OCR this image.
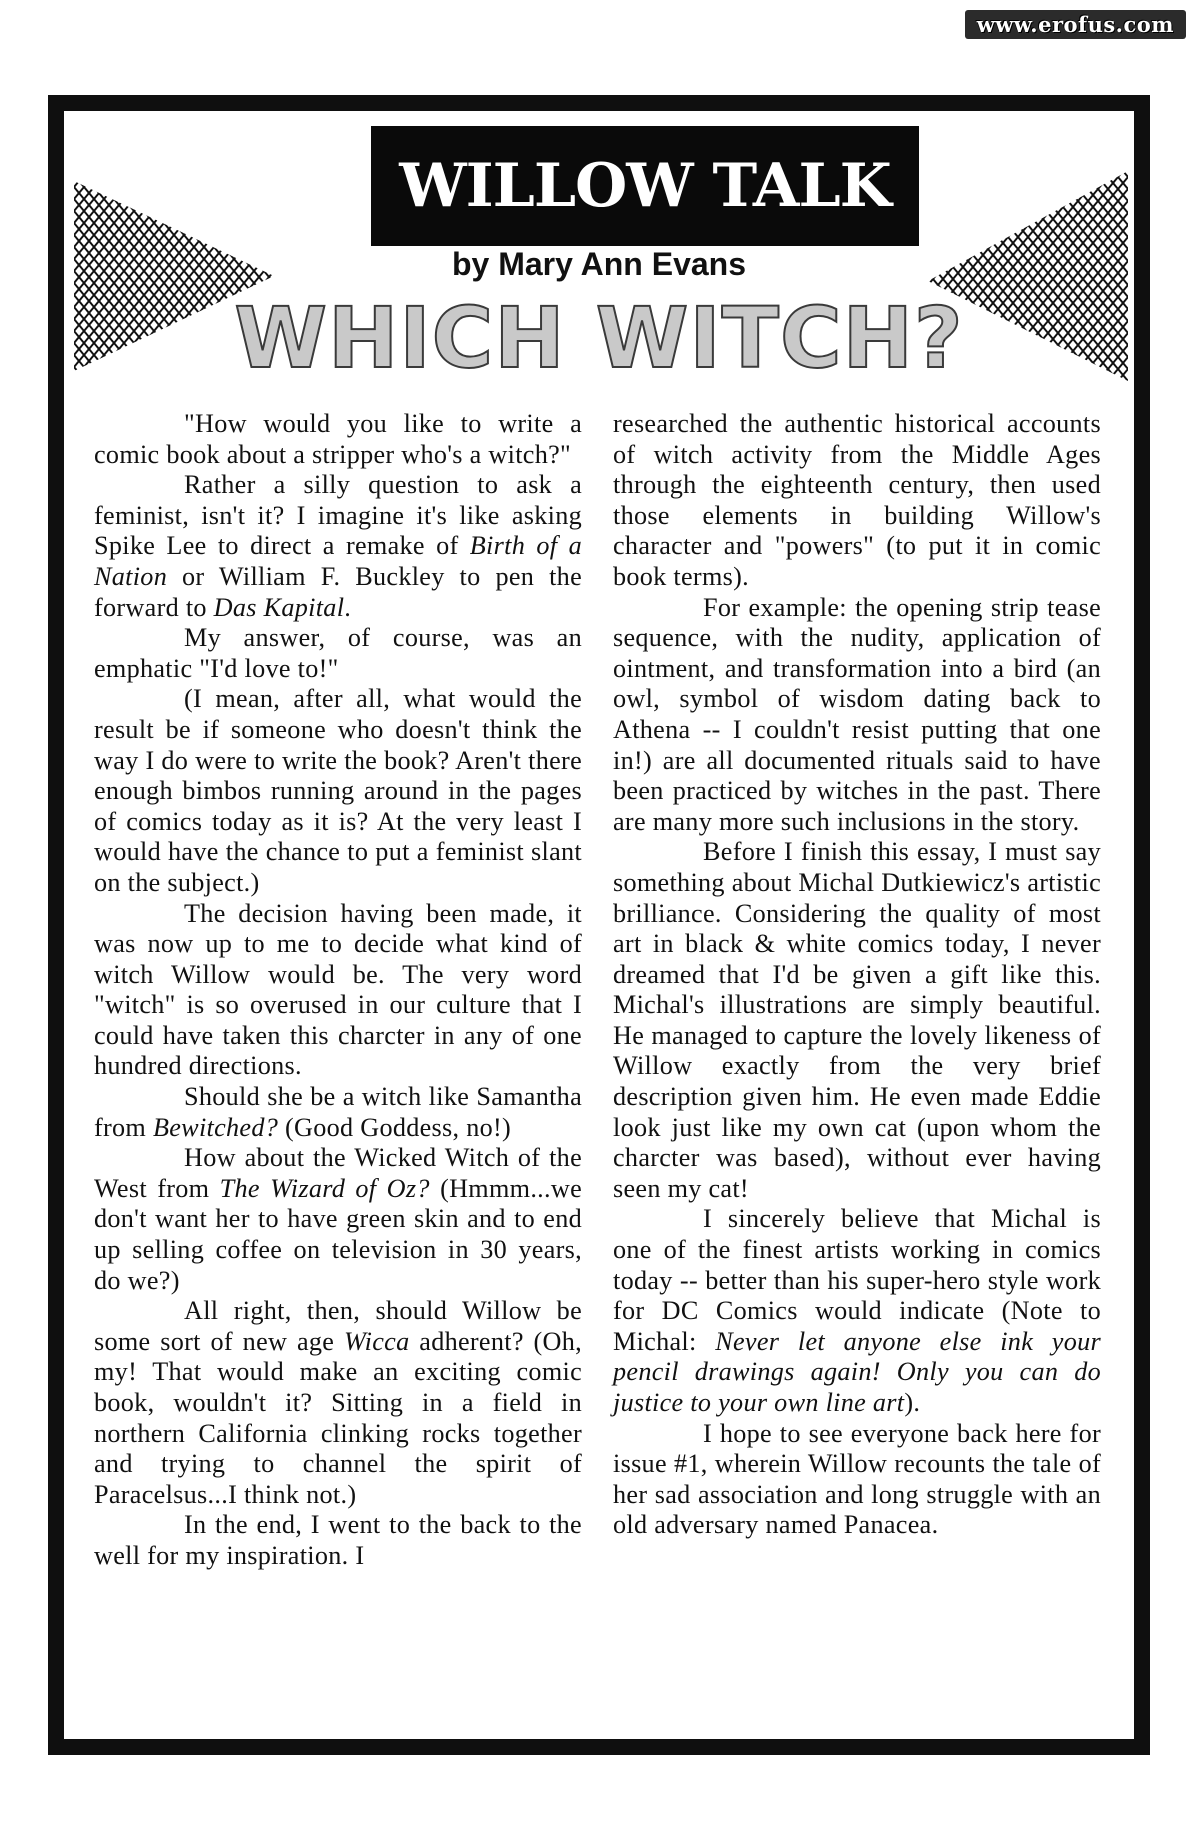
www.erofus.com
WILLOW TALK
by Mary Ann Evans
WHICH WITCH?

"How would you like to write a comic book about a stripper who's a witch?"

Rather a silly question to ask a feminist, isn't it? I imagine it's like asking Spike Lee to direct a remake of Birth of a Nation or William F. Buckley to pen the forward to Das Kapital.

My answer, of course, was an emphatic "I'd love to!"

(I mean, after all, what would the result be if someone who doesn't think the way I do were to write the book? Aren't there enough bimbos running around in the pages of comics today as it is? At the very least I would have the chance to put a feminist slant on the subject.)

The decision having been made, it was now up to me to decide what kind of witch Willow would be. The very word "witch" is so overused in our culture that I could have taken this charcter in any of one hundred directions.

Should she be a witch like Samantha from Bewitched? (Good Goddess, no!)

How about the Wicked Witch of the West from The Wizard of Oz? (Hmmm...we don't want her to have green skin and to end up selling coffee on television in 30 years, do we?)

All right, then, should Willow be some sort of new age Wicca adherent? (Oh, my! That would make an exciting comic book, wouldn't it? Sitting in a field in northern California clinking rocks together and trying to channel the spirit of Paracelsus...I think not.)

In the end, I went to the back to the well for my inspiration. I

researched the authentic historical accounts of witch activity from the Middle Ages through the eighteenth century, then used those elements in building Willow's character and "powers" (to put it in comic book terms).

For example: the opening strip tease sequence, with the nudity, application of ointment, and transformation into a bird (an owl, symbol of wisdom dating back to Athena -- I couldn't resist putting that one in!) are all documented rituals said to have been practiced by witches in the past. There are many more such inclusions in the story.

Before I finish this essay, I must say something about Michal Dutkiewicz's artistic brilliance. Considering the quality of most art in black & white comics today, I never dreamed that I'd be given a gift like this. Michal's illustrations are simply beautiful. He managed to capture the lovely likeness of Willow exactly from the very brief description given him. He even made Eddie look just like my own cat (upon whom the charcter was based), without ever having seen my cat!

I sincerely believe that Michal is one of the finest artists working in comics today -- better than his super-hero style work for DC Comics would indicate (Note to Michal: Never let anyone else ink your pencil drawings again! Only you can do justice to your own line art).

I hope to see everyone back here for issue #1, wherein Willow recounts the tale of her sad association and long struggle with an old adversary named Panacea.
